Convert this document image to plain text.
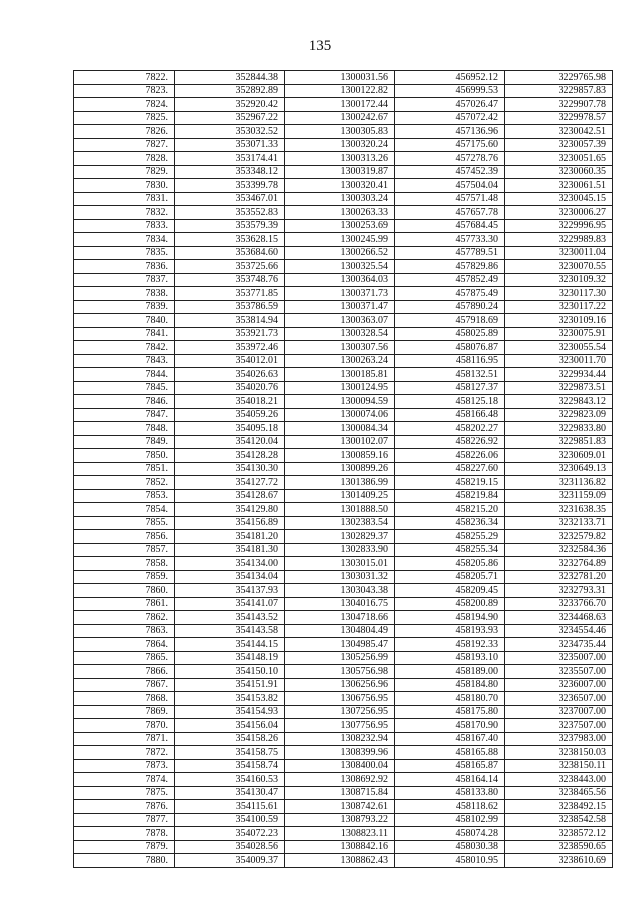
135
7822.	352844.38	1300031.56	456952.12	3229765.98
7823.	352892.89	1300122.82	456999.53	3229857.83
7824.	352920.42	1300172.44	457026.47	3229907.78
7825.	352967.22	1300242.67	457072.42	3229978.57
7826.	353032.52	1300305.83	457136.96	3230042.51
7827.	353071.33	1300320.24	457175.60	3230057.39
7828.	353174.41	1300313.26	457278.76	3230051.65
7829.	353348.12	1300319.87	457452.39	3230060.35
7830.	353399.78	1300320.41	457504.04	3230061.51
7831.	353467.01	1300303.24	457571.48	3230045.15
7832.	353552.83	1300263.33	457657.78	3230006.27
7833.	353579.39	1300253.69	457684.45	3229996.95
7834.	353628.15	1300245.99	457733.30	3229989.83
7835.	353684.60	1300266.52	457789.51	3230011.04
7836.	353725.66	1300325.54	457829.86	3230070.55
7837.	353748.76	1300364.03	457852.49	3230109.32
7838.	353771.85	1300371.73	457875.49	3230117.30
7839.	353786.59	1300371.47	457890.24	3230117.22
7840.	353814.94	1300363.07	457918.69	3230109.16
7841.	353921.73	1300328.54	458025.89	3230075.91
7842.	353972.46	1300307.56	458076.87	3230055.54
7843.	354012.01	1300263.24	458116.95	3230011.70
7844.	354026.63	1300185.81	458132.51	3229934.44
7845.	354020.76	1300124.95	458127.37	3229873.51
7846.	354018.21	1300094.59	458125.18	3229843.12
7847.	354059.26	1300074.06	458166.48	3229823.09
7848.	354095.18	1300084.34	458202.27	3229833.80
7849.	354120.04	1300102.07	458226.92	3229851.83
7850.	354128.28	1300859.16	458226.06	3230609.01
7851.	354130.30	1300899.26	458227.60	3230649.13
7852.	354127.72	1301386.99	458219.15	3231136.82
7853.	354128.67	1301409.25	458219.84	3231159.09
7854.	354129.80	1301888.50	458215.20	3231638.35
7855.	354156.89	1302383.54	458236.34	3232133.71
7856.	354181.20	1302829.37	458255.29	3232579.82
7857.	354181.30	1302833.90	458255.34	3232584.36
7858.	354134.00	1303015.01	458205.86	3232764.89
7859.	354134.04	1303031.32	458205.71	3232781.20
7860.	354137.93	1303043.38	458209.45	3232793.31
7861.	354141.07	1304016.75	458200.89	3233766.70
7862.	354143.52	1304718.66	458194.90	3234468.63
7863.	354143.58	1304804.49	458193.93	3234554.46
7864.	354144.15	1304985.47	458192.33	3234735.44
7865.	354148.19	1305256.99	458193.10	3235007.00
7866.	354150.10	1305756.98	458189.00	3235507.00
7867.	354151.91	1306256.96	458184.80	3236007.00
7868.	354153.82	1306756.95	458180.70	3236507.00
7869.	354154.93	1307256.95	458175.80	3237007.00
7870.	354156.04	1307756.95	458170.90	3237507.00
7871.	354158.26	1308232.94	458167.40	3237983.00
7872.	354158.75	1308399.96	458165.88	3238150.03
7873.	354158.74	1308400.04	458165.87	3238150.11
7874.	354160.53	1308692.92	458164.14	3238443.00
7875.	354130.47	1308715.84	458133.80	3238465.56
7876.	354115.61	1308742.61	458118.62	3238492.15
7877.	354100.59	1308793.22	458102.99	3238542.58
7878.	354072.23	1308823.11	458074.28	3238572.12
7879.	354028.56	1308842.16	458030.38	3238590.65
7880.	354009.37	1308862.43	458010.95	3238610.69
